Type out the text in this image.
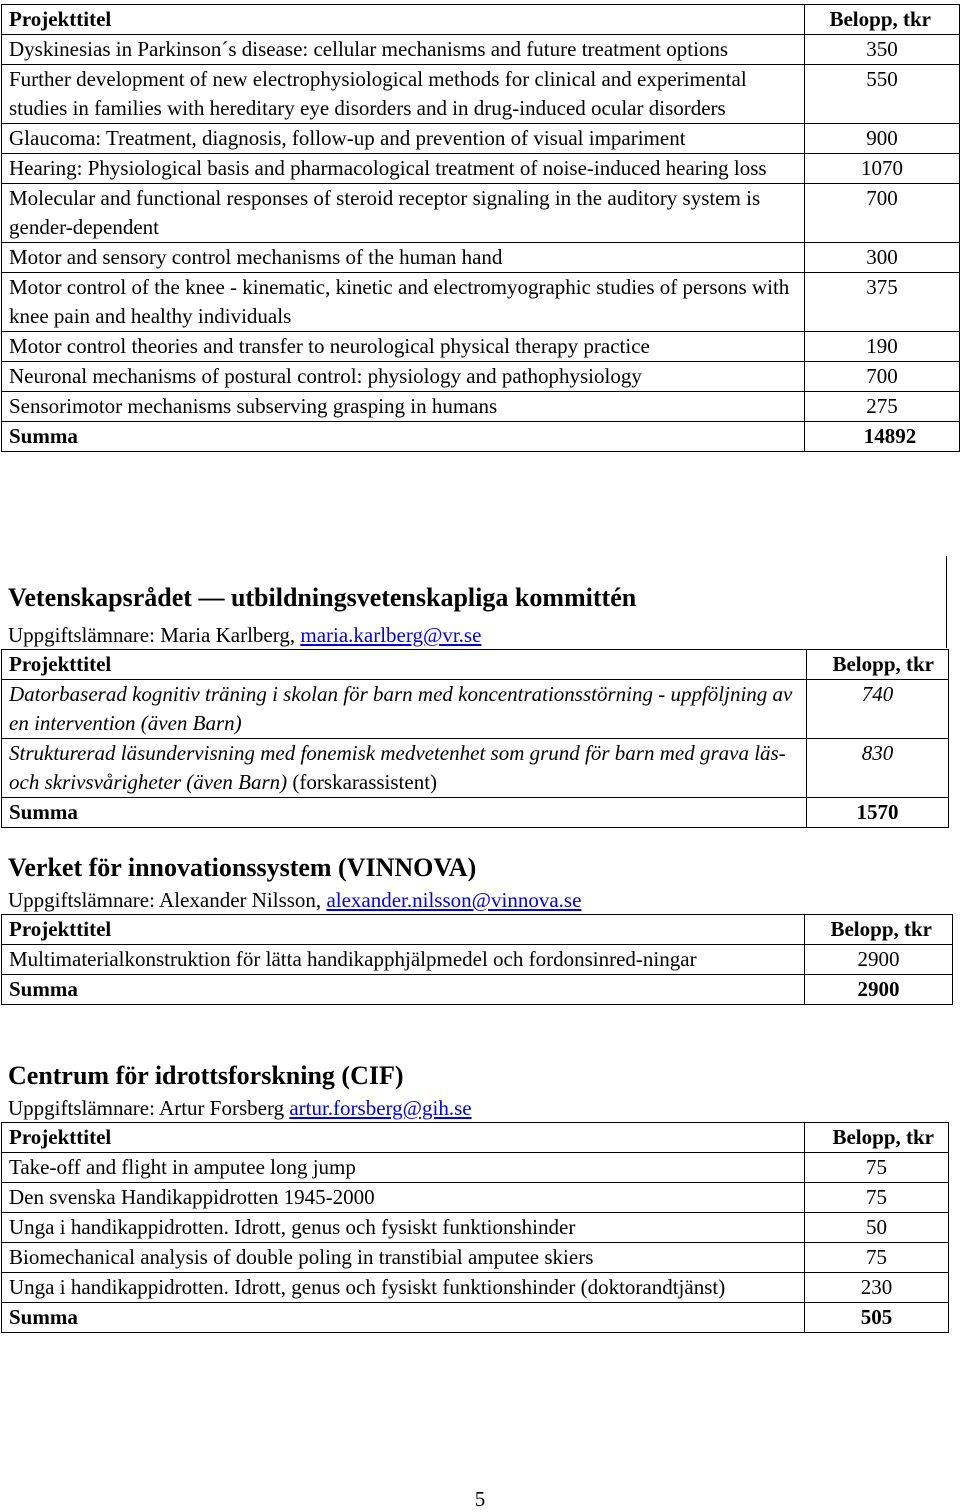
Projekttitel	Belopp, tkr
Dyskinesias in Parkinson´s disease: cellular mechanisms and future treatment options	350
Further development of new electrophysiological methods for clinical and experimental studies in families with hereditary eye disorders and in drug-induced ocular disorders	550
Glaucoma: Treatment, diagnosis, follow-up and prevention of visual impariment	900
Hearing: Physiological basis and pharmacological treatment of noise-induced hearing loss	1070
Molecular and functional responses of steroid receptor signaling in the auditory system is gender-dependent	700
Motor and sensory control mechanisms of the human hand	300
Motor control of the knee - kinematic, kinetic and electromyographic studies of persons with knee pain and healthy individuals	375
Motor control theories and transfer to neurological physical therapy practice	190
Neuronal mechanisms of postural control: physiology and pathophysiology	700
Sensorimotor mechanisms subserving grasping in humans	275
Summa	14892
Vetenskapsrådet — utbildningsvetenskapliga kommittén

Uppgiftslämnare: Maria Karlberg, maria.karlberg@vr.se

Projekttitel	Belopp, tkr
Datorbaserad kognitiv träning i skolan för barn med koncentrationsstörning - uppföljning av en intervention (även Barn)	740
Strukturerad läsundervisning med fonemisk medvetenhet som grund för barn med grava läs- och skrivsvårigheter (även Barn) (forskarassistent)	830
Summa	1570
Verket för innovationssystem (VINNOVA)

Uppgiftslämnare: Alexander Nilsson, alexander.nilsson@vinnova.se

Projekttitel	Belopp, tkr
Multimaterialkonstruktion för lätta handikapphjälpmedel och fordonsinred-ningar	2900
Summa	2900
Centrum för idrottsforskning (CIF)

Uppgiftslämnare: Artur Forsberg artur.forsberg@gih.se

Projekttitel	Belopp, tkr
Take-off and flight in amputee long jump	75
Den svenska Handikappidrotten 1945-2000	75
Unga i handikappidrotten. Idrott, genus och fysiskt funktionshinder	50
Biomechanical analysis of double poling in transtibial amputee skiers	75
Unga i handikappidrotten. Idrott, genus och fysiskt funktionshinder (doktorandtjänst)	230
Summa	505
5
